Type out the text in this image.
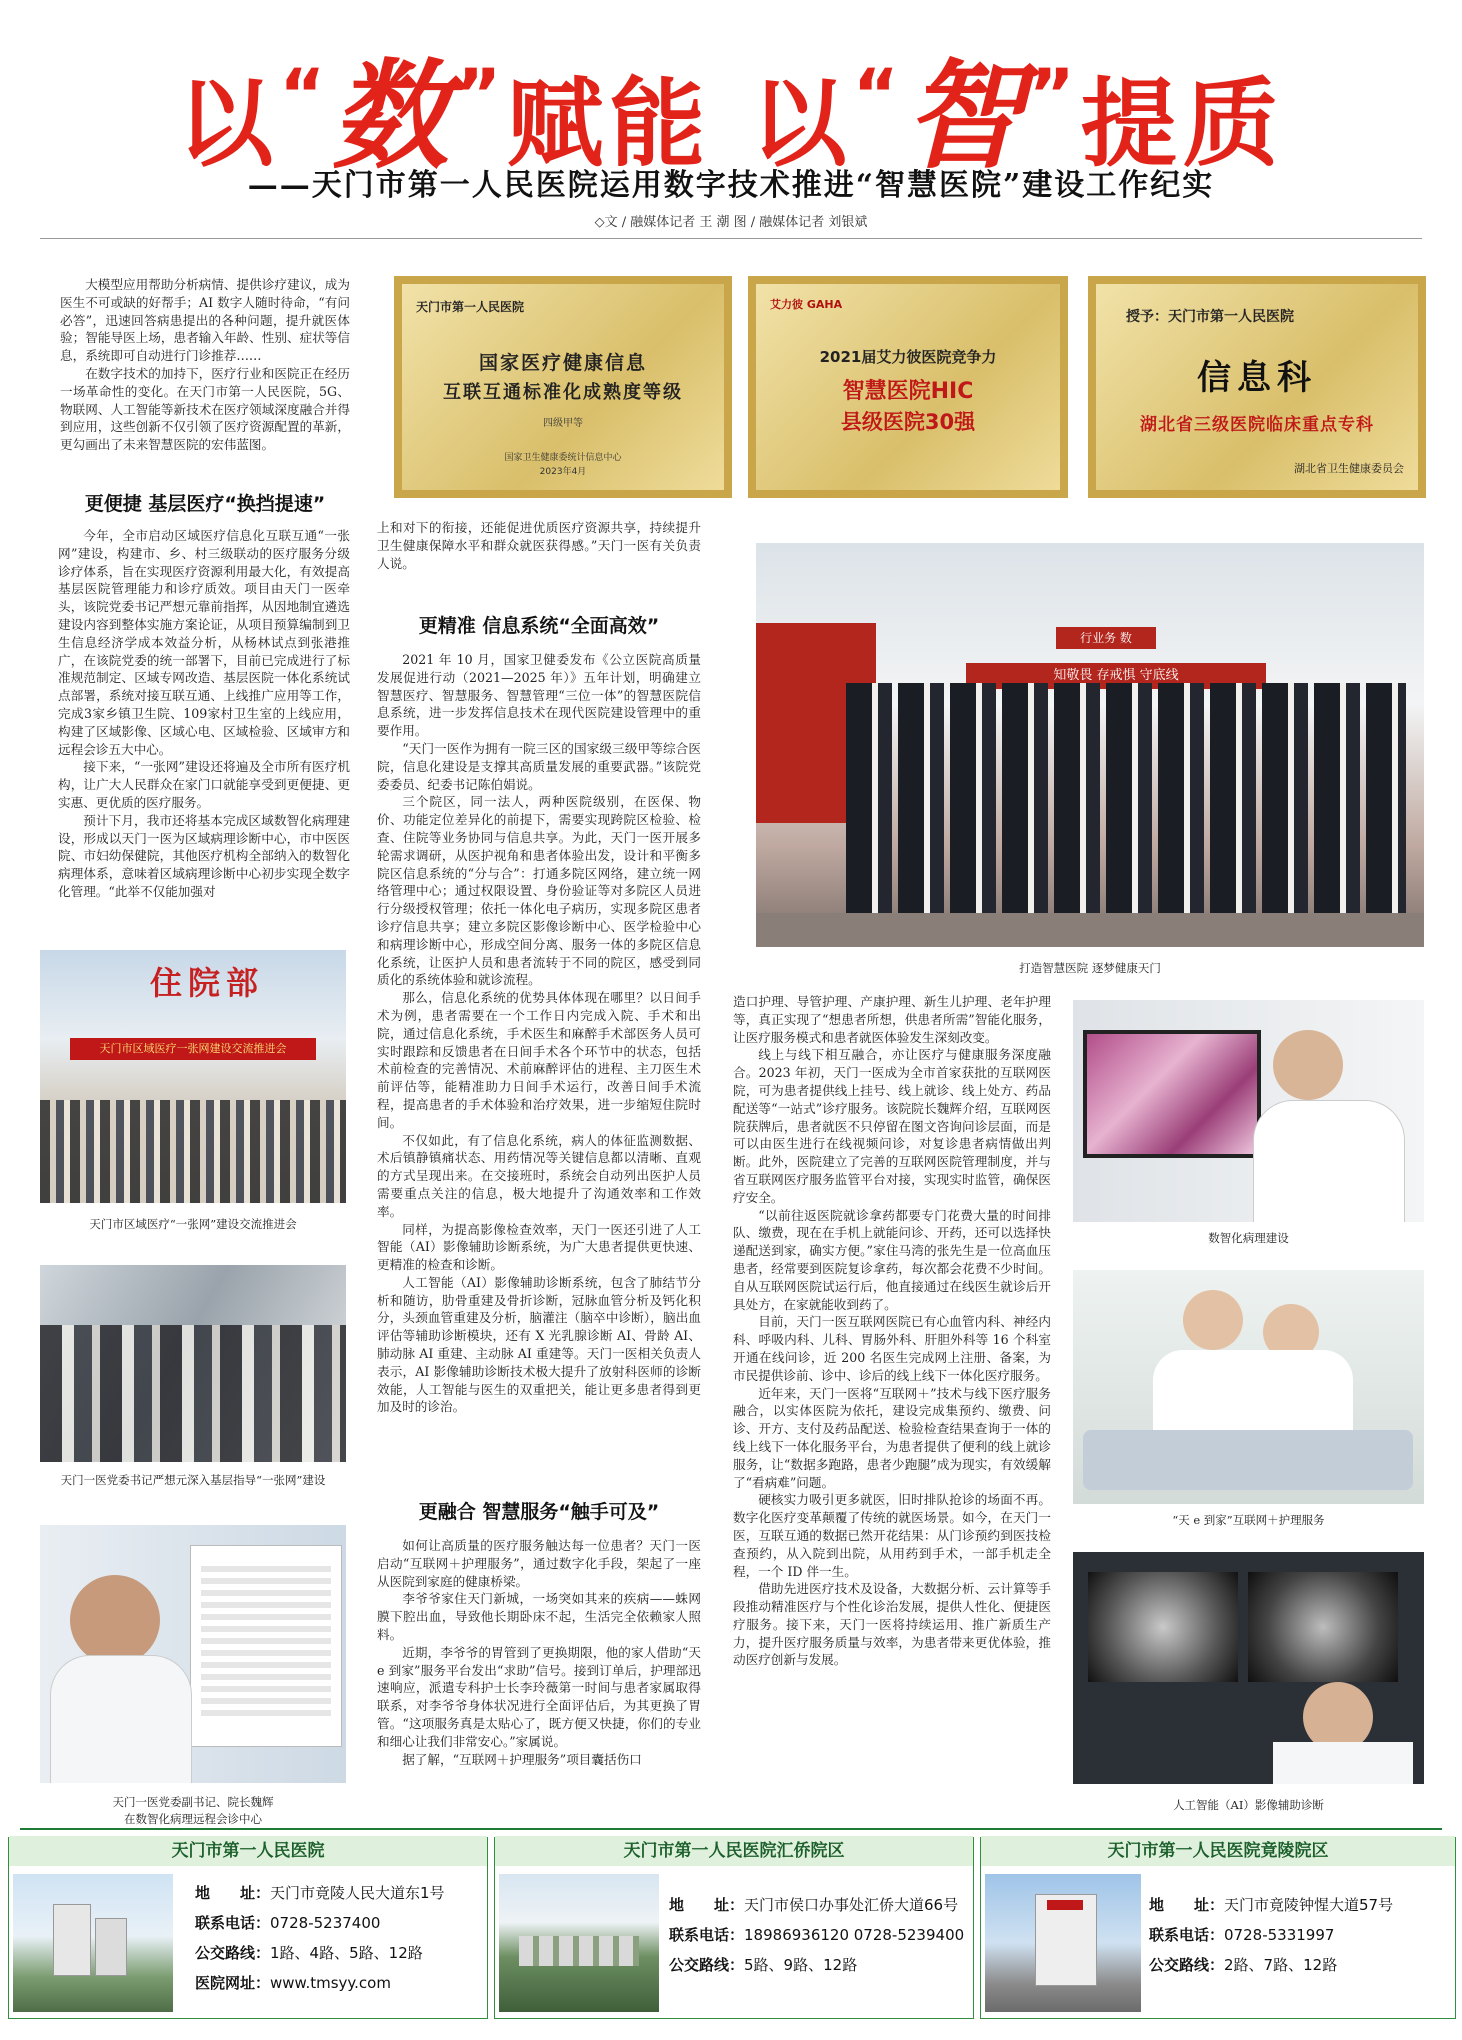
以“数”赋能 以“智”提质
——天门市第一人民医院运用数字技术推进“智慧医院”建设工作纪实
◇文 / 融媒体记者 王 潮 图 / 融媒体记者 刘银斌

大模型应用帮助分析病情、提供诊疗建议，成为医生不可或缺的好帮手；AI 数字人随时待命，“有问必答”，迅速回答病患提出的各种问题，提升就医体验；智能导医上场，患者输入年龄、性别、症状等信息，系统即可自动进行门诊推荐……

在数字技术的加持下，医疗行业和医院正在经历一场革命性的变化。在天门市第一人民医院，5G、物联网、人工智能等新技术在医疗领域深度融合并得到应用，这些创新不仅引领了医疗资源配置的革新，更勾画出了未来智慧医院的宏伟蓝图。

更便捷 基层医疗“换挡提速”

今年，全市启动区域医疗信息化互联互通“一张网”建设，构建市、乡、村三级联动的医疗服务分级诊疗体系，旨在实现医疗资源利用最大化，有效提高基层医院管理能力和诊疗质效。项目由天门一医牵头，该院党委书记严想元靠前指挥，从因地制宜遴选建设内容到整体实施方案论证，从项目预算编制到卫生信息经济学成本效益分析，从杨林试点到张港推广，在该院党委的统一部署下，目前已完成进行了标准规范制定、区域专网改造、基层医院一体化系统试点部署，系统对接互联互通、上线推广应用等工作，完成3家乡镇卫生院、109家村卫生室的上线应用，构建了区域影像、区域心电、区域检验、区域审方和远程会诊五大中心。

接下来，“一张网”建设还将遍及全市所有医疗机构，让广大人民群众在家门口就能享受到更便捷、更实惠、更优质的医疗服务。

预计下月，我市还将基本完成区域数智化病理建设，形成以天门一医为区域病理诊断中心，市中医医院、市妇幼保健院，其他医疗机构全部纳入的数智化病理体系，意味着区域病理诊断中心初步实现全数字化管理。“此举不仅能加强对

住院部
天门市区域医疗一张网建设交流推进会
天门市区域医疗“一张网”建设交流推进会
天门一医党委书记严想元深入基层指导“一张网”建设
天门一医党委副书记、院长魏辉
在数智化病理远程会诊中心
天门市第一人民医院
国家医疗健康信息
互联互通标准化成熟度等级
四级甲等
国家卫生健康委统计信息中心
2023年4月
艾力彼 GAHA
2021届艾力彼医院竞争力
智慧医院HIC
县级医院30强
授予：天门市第一人民医院
信息科
湖北省三级医院临床重点专科
湖北省卫生健康委员会

上和对下的衔接，还能促进优质医疗资源共享，持续提升卫生健康保障水平和群众就医获得感。”天门一医有关负责人说。

更精准 信息系统“全面高效”

2021 年 10 月，国家卫健委发布《公立医院高质量发展促进行动（2021—2025 年）》五年计划，明确建立智慧医疗、智慧服务、智慧管理“三位一体”的智慧医院信息系统，进一步发挥信息技术在现代医院建设管理中的重要作用。

“天门一医作为拥有一院三区的国家级三级甲等综合医院，信息化建设是支撑其高质量发展的重要武器。”该院党委委员、纪委书记陈伯娟说。

三个院区，同一法人，两种医院级别，在医保、物价、功能定位差异化的前提下，需要实现跨院区检验、检查、住院等业务协同与信息共享。为此，天门一医开展多轮需求调研，从医护视角和患者体验出发，设计和平衡多院区信息系统的“分与合”：打通多院区网络，建立统一网络管理中心；通过权限设置、身份验证等对多院区人员进行分级授权管理；依托一体化电子病历，实现多院区患者诊疗信息共享；建立多院区影像诊断中心、医学检验中心和病理诊断中心，形成空间分离、服务一体的多院区信息化系统，让医护人员和患者流转于不同的院区，感受到同质化的系统体验和就诊流程。

那么，信息化系统的优势具体体现在哪里？以日间手术为例，患者需要在一个工作日内完成入院、手术和出院，通过信息化系统，手术医生和麻醉手术部医务人员可实时跟踪和反馈患者在日间手术各个环节中的状态，包括术前检查的完善情况、术前麻醉评估的进程、主刀医生术前评估等，能精准助力日间手术运行，改善日间手术流程，提高患者的手术体验和治疗效果，进一步缩短住院时间。

不仅如此，有了信息化系统，病人的体征监测数据、术后镇静镇痛状态、用药情况等关键信息都以清晰、直观的方式呈现出来。在交接班时，系统会自动列出医护人员需要重点关注的信息，极大地提升了沟通效率和工作效率。

同样，为提高影像检查效率，天门一医还引进了人工智能（AI）影像辅助诊断系统，为广大患者提供更快速、更精准的检查和诊断。

人工智能（AI）影像辅助诊断系统，包含了肺结节分析和随访，肋骨重建及骨折诊断，冠脉血管分析及钙化积分，头颈血管重建及分析，脑灌注（脑卒中诊断），脑出血评估等辅助诊断模块，还有 X 光乳腺诊断 AI、骨龄 AI、肺动脉 AI 重建、主动脉 AI 重建等。天门一医相关负责人表示，AI 影像辅助诊断技术极大提升了放射科医师的诊断效能，人工智能与医生的双重把关，能让更多患者得到更加及时的诊治。

更融合 智慧服务“触手可及”

如何让高质量的医疗服务触达每一位患者？天门一医启动“互联网＋护理服务”，通过数字化手段，架起了一座从医院到家庭的健康桥梁。

李爷爷家住天门新城，一场突如其来的疾病——蛛网膜下腔出血，导致他长期卧床不起，生活完全依赖家人照料。

近期，李爷爷的胃管到了更换期限，他的家人借助“天 e 到家”服务平台发出“求助”信号。接到订单后，护理部迅速响应，派遣专科护士长李玲薇第一时间与患者家属取得联系，对李爷爷身体状况进行全面评估后，为其更换了胃管。“这项服务真是太贴心了，既方便又快捷，你们的专业和细心让我们非常安心。”家属说。

据了解，“互联网＋护理服务”项目囊括伤口

行业务 数
知敬畏 存戒惧 守底线
打造智慧医院 逐梦健康天门

造口护理、导管护理、产康护理、新生儿护理、老年护理等，真正实现了“想患者所想，供患者所需”智能化服务，让医疗服务模式和患者就医体验发生深刻改变。

线上与线下相互融合，亦让医疗与健康服务深度融合。2023 年初，天门一医成为全市首家获批的互联网医院，可为患者提供线上挂号、线上就诊、线上处方、药品配送等“一站式”诊疗服务。该院院长魏辉介绍，互联网医院获牌后，患者就医不只停留在图文咨询问诊层面，而是可以由医生进行在线视频问诊，对复诊患者病情做出判断。此外，医院建立了完善的互联网医院管理制度，并与省互联网医疗服务监管平台对接，实现实时监管，确保医疗安全。

“以前往返医院就诊拿药都要专门花费大量的时间排队、缴费，现在在手机上就能问诊、开药，还可以选择快递配送到家，确实方便。”家住马湾的张先生是一位高血压患者，经常要到医院复诊拿药，每次都会花费不少时间。自从互联网医院试运行后，他直接通过在线医生就诊后开具处方，在家就能收到药了。

目前，天门一医互联网医院已有心血管内科、神经内科、呼吸内科、儿科、胃肠外科、肝胆外科等 16 个科室开通在线问诊，近 200 名医生完成网上注册、备案，为市民提供诊前、诊中、诊后的线上线下一体化医疗服务。

近年来，天门一医将“互联网＋”技术与线下医疗服务融合，以实体医院为依托，建设完成集预约、缴费、问诊、开方、支付及药品配送、检验检查结果查询于一体的线上线下一体化服务平台，为患者提供了便利的线上就诊服务，让“数据多跑路，患者少跑腿”成为现实，有效缓解了“看病难”问题。

硬核实力吸引更多就医，旧时排队抢诊的场面不再。数字化医疗变革颠覆了传统的就医场景。如今，在天门一医，互联互通的数据已然开花结果：从门诊预约到医技检查预约，从入院到出院，从用药到手术，一部手机走全程，一个 ID 伴一生。

借助先进医疗技术及设备，大数据分析、云计算等手段推动精准医疗与个性化诊治发展，提供人性化、便捷医疗服务。接下来，天门一医将持续运用、推广新质生产力，提升医疗服务质量与效率，为患者带来更优体验，推动医疗创新与发展。

数智化病理建设
“天 e 到家”互联网＋护理服务
人工智能（AI）影像辅助诊断
天门市第一人民医院
地　　址：天门市竟陵人民大道东1号
联系电话：0728-5237400
公交路线：1路、4路、5路、12路
医院网址：www.tmsyy.com
天门市第一人民医院汇侨院区
地　　址：天门市侯口办事处汇侨大道66号
联系电话：18986936120 0728-5239400
公交路线：5路、9路、12路
天门市第一人民医院竟陵院区
地　　址：天门市竟陵钟惺大道57号
联系电话：0728-5331997
公交路线：2路、7路、12路
